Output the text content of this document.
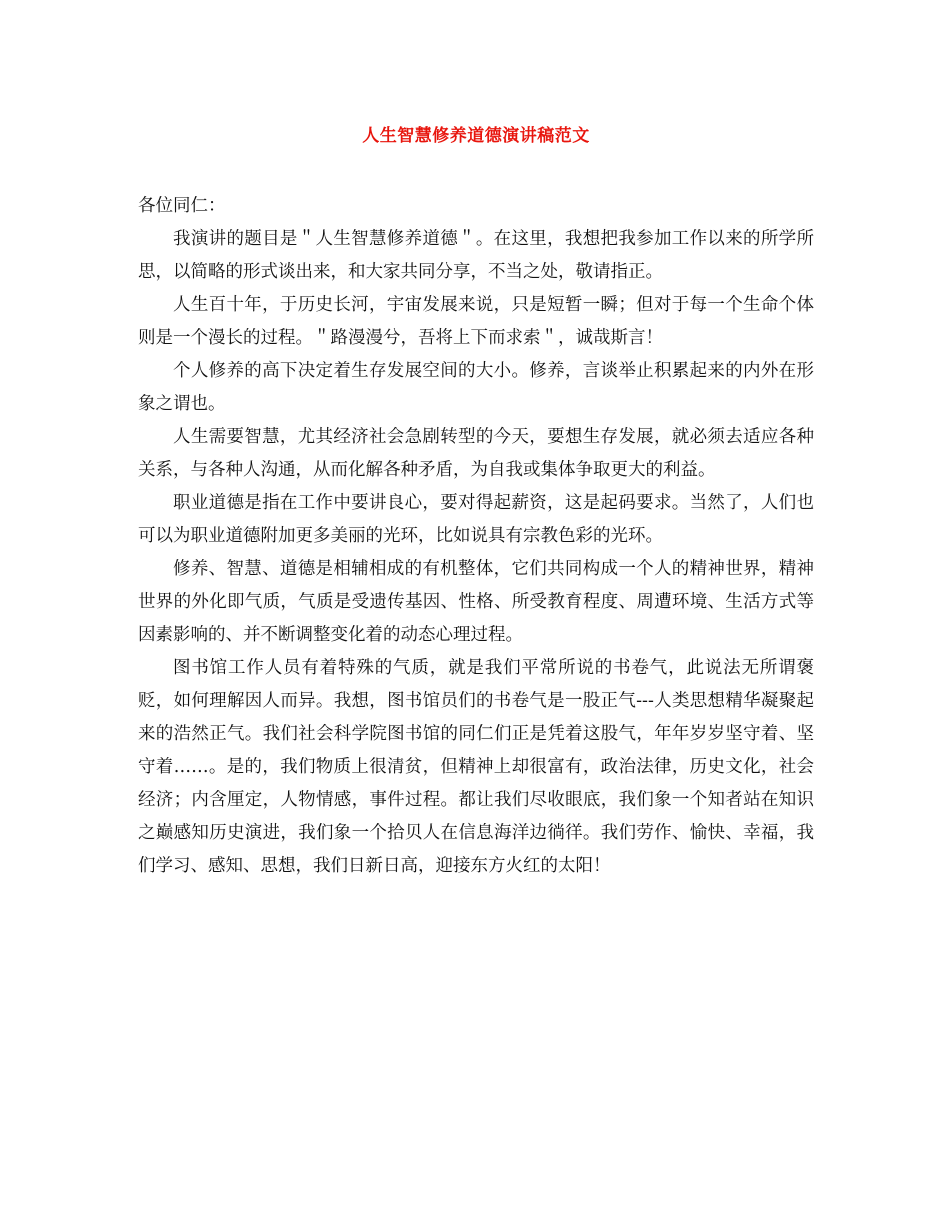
人生智慧修养道德演讲稿范文

各位同仁：

我演讲的题目是＂人生智慧修养道德＂。在这里，我想把我参加工作以来的所学所思，以简略的形式谈出来，和大家共同分享，不当之处，敬请指正。

人生百十年，于历史长河，宇宙发展来说，只是短暂一瞬；但对于每一个生命个体则是一个漫长的过程。＂路漫漫兮，吾将上下而求索＂，诚哉斯言！

个人修养的高下决定着生存发展空间的大小。修养，言谈举止积累起来的内外在形象之谓也。

人生需要智慧，尤其经济社会急剧转型的今天，要想生存发展，就必须去适应各种关系，与各种人沟通，从而化解各种矛盾，为自我或集体争取更大的利益。

职业道德是指在工作中要讲良心，要对得起薪资，这是起码要求。当然了，人们也可以为职业道德附加更多美丽的光环，比如说具有宗教色彩的光环。

修养、智慧、道德是相辅相成的有机整体，它们共同构成一个人的精神世界，精神世界的外化即气质，气质是受遗传基因、性格、所受教育程度、周遭环境、生活方式等因素影响的、并不断调整变化着的动态心理过程。

图书馆工作人员有着特殊的气质，就是我们平常所说的书卷气，此说法无所谓褒贬，如何理解因人而异。我想，图书馆员们的书卷气是一股正气---人类思想精华凝聚起来的浩然正气。我们社会科学院图书馆的同仁们正是凭着这股气，年年岁岁坚守着、坚守着……。是的，我们物质上很清贫，但精神上却很富有，政治法律，历史文化，社会经济；内含厘定，人物情感，事件过程。都让我们尽收眼底，我们象一个知者站在知识之巅感知历史演进，我们象一个拾贝人在信息海洋边徜徉。我们劳作、愉快、幸福，我们学习、感知、思想，我们日新日高，迎接东方火红的太阳！
